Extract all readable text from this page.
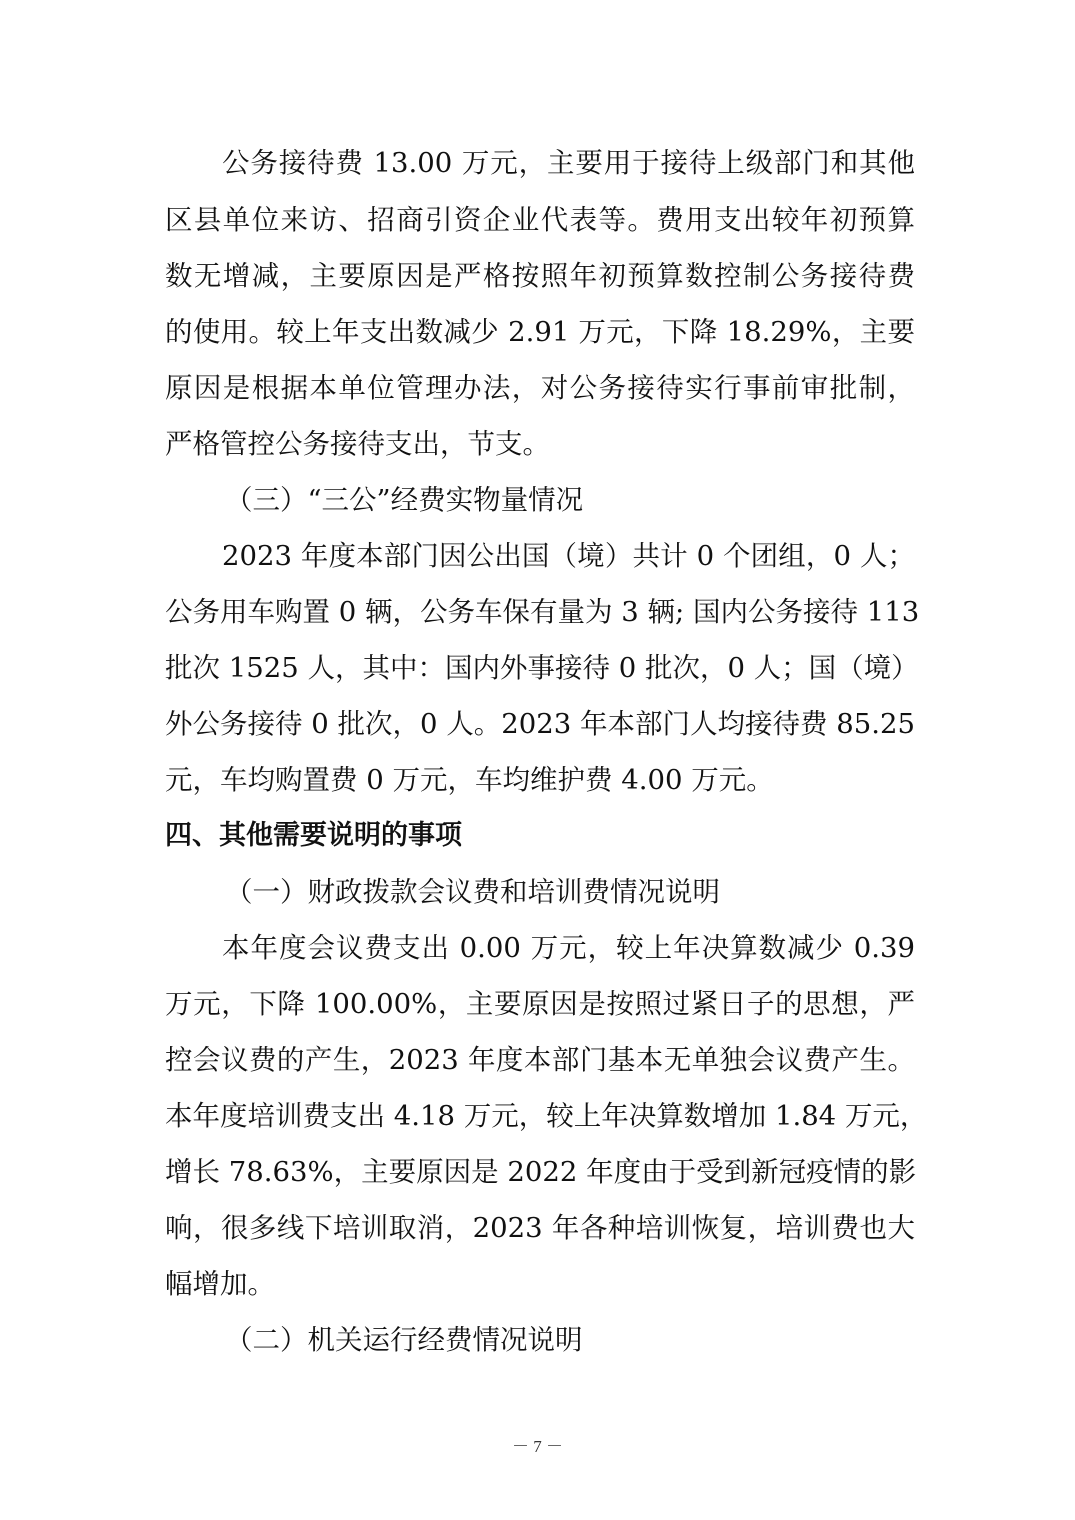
公务接待费 13.00 万元，主要用于接待上级部门和其他
区县单位来访、招商引资企业代表等。费用支出较年初预算
数无增减，主要原因是严格按照年初预算数控制公务接待费
的使用。较上年支出数减少 2.91 万元，下降 18.29%，主要
原因是根据本单位管理办法，对公务接待实行事前审批制，
严格管控公务接待支出，节支。
（三）“三公”经费实物量情况
2023 年度本部门因公出国（境）共计 0 个团组，0 人；
公务用车购置 0 辆，公务车保有量为 3 辆; 国内公务接待 113
批次 1525 人，其中：国内外事接待 0 批次，0 人；国（境）
外公务接待 0 批次，0 人。2023 年本部门人均接待费 85.25
元，车均购置费 0 万元，车均维护费 4.00 万元。
四、其他需要说明的事项
（一）财政拨款会议费和培训费情况说明
本年度会议费支出 0.00 万元，较上年决算数减少 0.39
万元，下降 100.00%，主要原因是按照过紧日子的思想，严
控会议费的产生，2023 年度本部门基本无单独会议费产生。
本年度培训费支出 4.18 万元，较上年决算数增加 1.84 万元，
增长 78.63%，主要原因是 2022 年度由于受到新冠疫情的影
响，很多线下培训取消，2023 年各种培训恢复，培训费也大
幅增加。
（二）机关运行经费情况说明
－ 7 －
